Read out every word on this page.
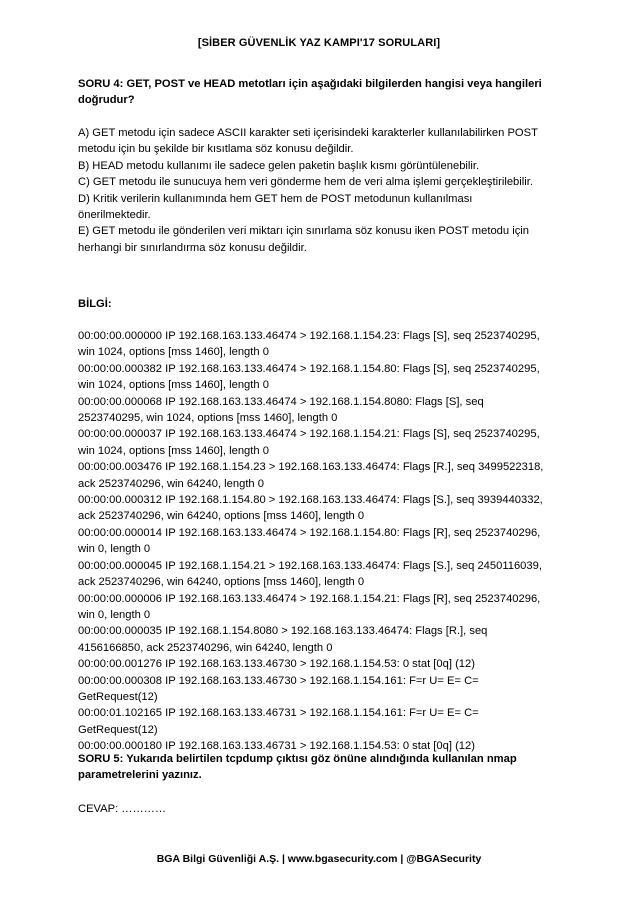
[SİBER GÜVENLİK YAZ KAMPI'17 SORULARI]
SORU 4: GET, POST ve HEAD metotları için aşağıdaki bilgilerden hangisi veya hangileri
doğrudur?
A) GET metodu için sadece ASCII karakter seti içerisindeki karakterler kullanılabilirken POST
metodu için bu şekilde bir kısıtlama söz konusu değildir.
B) HEAD metodu kullanımı ile sadece gelen paketin başlık kısmı görüntülenebilir.
C) GET metodu ile sunucuya hem veri gönderme hem de veri alma işlemi gerçekleştirilebilir.
D) Kritik verilerin kullanımında hem GET hem de POST metodunun kullanılması
önerilmektedir.
E) GET metodu ile gönderilen veri miktarı için sınırlama söz konusu iken POST metodu için
herhangi bir sınırlandırma söz konusu değildir.
BİLGİ:
00:00:00.000000 IP 192.168.163.133.46474 > 192.168.1.154.23: Flags [S], seq 2523740295,
win 1024, options [mss 1460], length 0
00:00:00.000382 IP 192.168.163.133.46474 > 192.168.1.154.80: Flags [S], seq 2523740295,
win 1024, options [mss 1460], length 0
00:00:00.000068 IP 192.168.163.133.46474 > 192.168.1.154.8080: Flags [S], seq
2523740295, win 1024, options [mss 1460], length 0
00:00:00.000037 IP 192.168.163.133.46474 > 192.168.1.154.21: Flags [S], seq 2523740295,
win 1024, options [mss 1460], length 0
00:00:00.003476 IP 192.168.1.154.23 > 192.168.163.133.46474: Flags [R.], seq 3499522318,
ack 2523740296, win 64240, length 0
00:00:00.000312 IP 192.168.1.154.80 > 192.168.163.133.46474: Flags [S.], seq 3939440332,
ack 2523740296, win 64240, options [mss 1460], length 0
00:00:00.000014 IP 192.168.163.133.46474 > 192.168.1.154.80: Flags [R], seq 2523740296,
win 0, length 0
00:00:00.000045 IP 192.168.1.154.21 > 192.168.163.133.46474: Flags [S.], seq 2450116039,
ack 2523740296, win 64240, options [mss 1460], length 0
00:00:00.000006 IP 192.168.163.133.46474 > 192.168.1.154.21: Flags [R], seq 2523740296,
win 0, length 0
00:00:00.000035 IP 192.168.1.154.8080 > 192.168.163.133.46474: Flags [R.], seq
4156166850, ack 2523740296, win 64240, length 0
00:00:00.001276 IP 192.168.163.133.46730 > 192.168.1.154.53: 0 stat [0q] (12)
00:00:00.000308 IP 192.168.163.133.46730 > 192.168.1.154.161: F=r U= E= C=
GetRequest(12)
00:00:01.102165 IP 192.168.163.133.46731 > 192.168.1.154.161: F=r U= E= C=
GetRequest(12)
00:00:00.000180 IP 192.168.163.133.46731 > 192.168.1.154.53: 0 stat [0q] (12)
SORU 5: Yukarıda belirtilen tcpdump çıktısı göz önüne alındığında kullanılan nmap
parametrelerini yazınız.
CEVAP: …………
BGA Bilgi Güvenliği A.Ş. | www.bgasecurity.com | @BGASecurity
